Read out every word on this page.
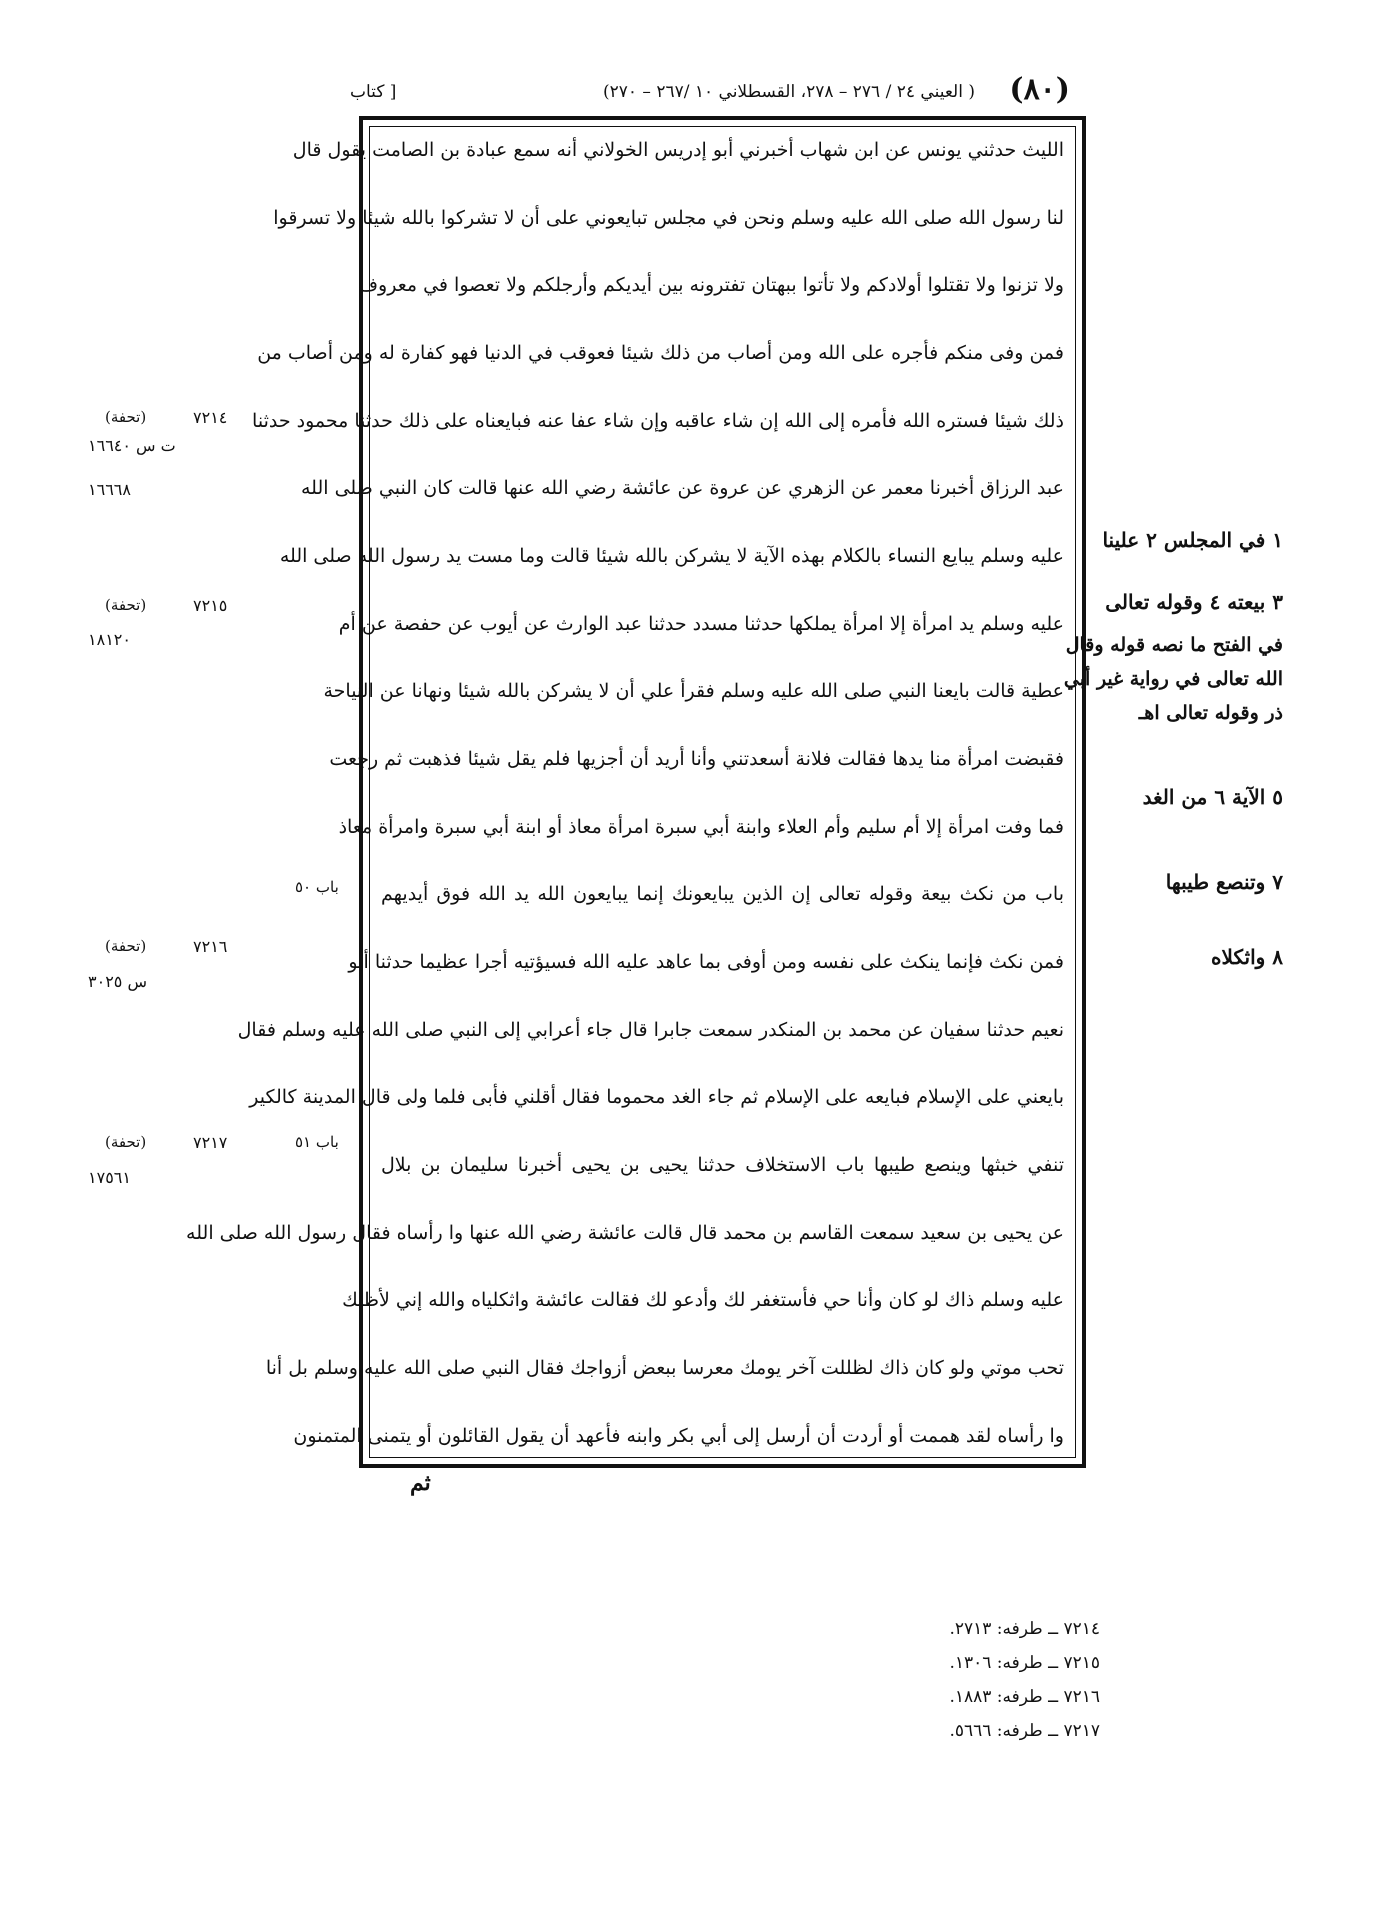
(٨٠)
( العيني ٢٤ / ٢٧٦ – ٢٧٨، القسطلاني ١٠ /٢٦٧ – ٢٧٠)
[ كتاب
الليث حدثني يونس عن ابن شهاب أخبرني أبو إدريس الخولاني أنه سمع عبادة بن الصامت يقول قال
لنا رسول الله صلى الله عليه وسلم ونحن في مجلس تبايعوني على أن لا تشركوا بالله شيئا ولا تسرقوا
ولا تزنوا ولا تقتلوا أولادكم ولا تأتوا ببهتان تفترونه بين أيديكم وأرجلكم ولا تعصوا في معروف
فمن وفى منكم فأجره على الله ومن أصاب من ذلك شيئا فعوقب في الدنيا فهو كفارة له ومن أصاب من
ذلك شيئا فستره الله فأمره إلى الله إن شاء عاقبه وإن شاء عفا عنه فبايعناه على ذلك حدثنا محمود حدثنا
عبد الرزاق أخبرنا معمر عن الزهري عن عروة عن عائشة رضي الله عنها قالت كان النبي صلى الله
عليه وسلم يبايع النساء بالكلام بهذه الآية لا يشركن بالله شيئا قالت وما مست يد رسول الله صلى الله
عليه وسلم يد امرأة إلا امرأة يملكها حدثنا مسدد حدثنا عبد الوارث عن أيوب عن حفصة عن أم
عطية قالت بايعنا النبي صلى الله عليه وسلم فقرأ علي أن لا يشركن بالله شيئا ونهانا عن النياحة
فقبضت امرأة منا يدها فقالت فلانة أسعدتني وأنا أريد أن أجزيها فلم يقل شيئا فذهبت ثم رجعت
فما وفت امرأة إلا أم سليم وأم العلاء وابنة أبي سبرة امرأة معاذ أو ابنة أبي سبرة وامرأة معاذ
باب من نكث بيعة وقوله تعالى إن الذين يبايعونك إنما يبايعون الله يد الله فوق أيديهم
فمن نكث فإنما ينكث على نفسه ومن أوفى بما عاهد عليه الله فسيؤتيه أجرا عظيما حدثنا أبو
نعيم حدثنا سفيان عن محمد بن المنكدر سمعت جابرا قال جاء أعرابي إلى النبي صلى الله عليه وسلم فقال
بايعني على الإسلام فبايعه على الإسلام ثم جاء الغد محموما فقال أقلني فأبى فلما ولى قال المدينة كالكير
تنفي خبثها وينصع طيبها باب الاستخلاف حدثنا يحيى بن يحيى أخبرنا سليمان بن بلال
عن يحيى بن سعيد سمعت القاسم بن محمد قال قالت عائشة رضي الله عنها وا رأساه فقال رسول الله صلى الله
عليه وسلم ذاك لو كان وأنا حي فأستغفر لك وأدعو لك فقالت عائشة واثكلياه والله إني لأظنك
تحب موتي ولو كان ذاك لظللت آخر يومك معرسا ببعض أزواجك فقال النبي صلى الله عليه وسلم بل أنا
وا رأساه لقد هممت أو أردت أن أرسل إلى أبي بكر وابنه فأعهد أن يقول القائلون أو يتمنى المتمنون
ثم
٧٢١٤
(تحفة)
ت س ١٦٦٤٠
١٦٦٦٨
٧٢١٥
(تحفة)
١٨١٢٠
باب ٥٠
٧٢١٦
(تحفة)
س ٣٠٢٥
باب ٥١
٧٢١٧
(تحفة)
١٧٥٦١
١ في المجلس ٢ علينا
٣ بيعته ٤ وقوله تعالى
في الفتح ما نصه قوله وقال الله تعالى في رواية غير أبي ذر وقوله تعالى اهـ
٥ الآية ٦ من الغد
٧ وتنصع طيبها
٨ واثكلاه
٧٢١٤ ــ طرفه: ٢٧١٣.
٧٢١٥ ــ طرفه: ١٣٠٦.
٧٢١٦ ــ طرفه: ١٨٨٣.
٧٢١٧ ــ طرفه: ٥٦٦٦.
